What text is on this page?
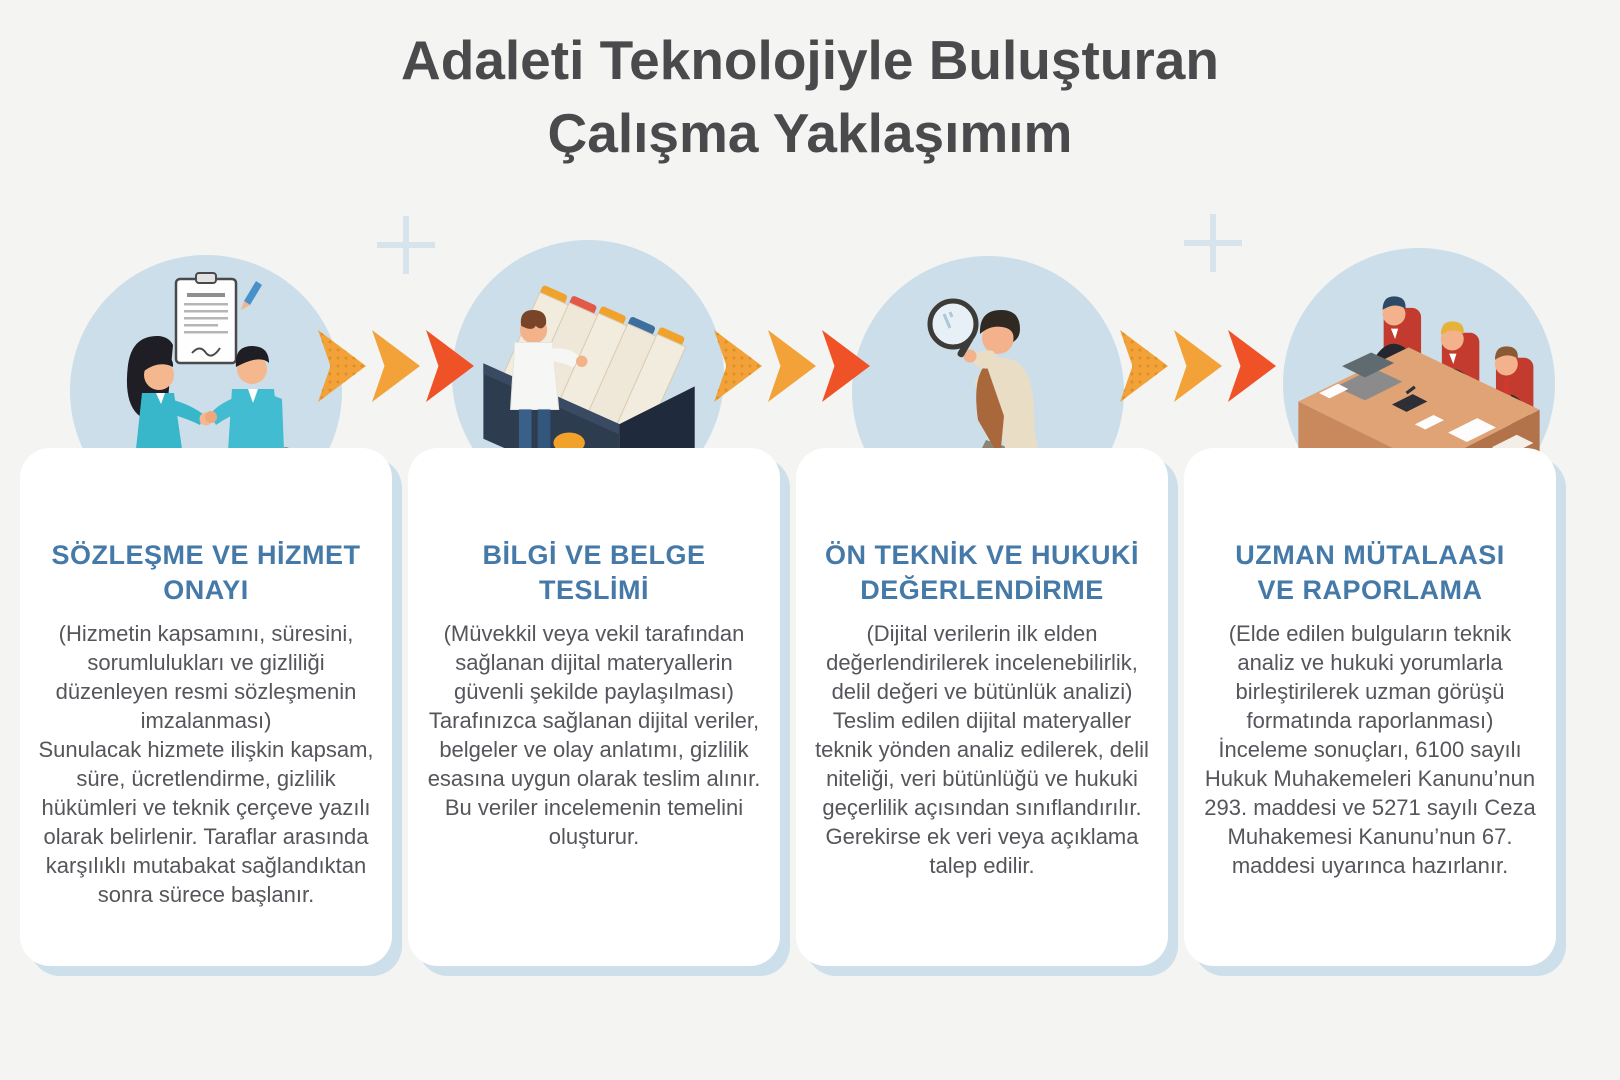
Adaleti Teknolojiyle Buluşturan
Çalışma Yaklaşımım
SÖZLEŞME VE HİZMET ONAYI

(Hizmetin kapsamını, süresini, sorumlulukları ve gizliliği düzenleyen resmi sözleşmenin imzalanması)

Sunulacak hizmete ilişkin kapsam, süre, ücretlendirme, gizlilik hükümleri ve teknik çerçeve yazılı olarak belirlenir. Taraflar arasında karşılıklı mutabakat sağlandıktan sonra sürece başlanır.

BİLGİ VE BELGE TESLİMİ

(Müvekkil veya vekil tarafından sağlanan dijital materyallerin güvenli şekilde paylaşılması)

Tarafınızca sağlanan dijital veriler, belgeler ve olay anlatımı, gizlilik esasına uygun olarak teslim alınır. Bu veriler incelemenin temelini oluşturur.

ÖN TEKNİK VE HUKUKİ DEĞERLENDİRME

(Dijital verilerin ilk elden değerlendirilerek incelenebilirlik, delil değeri ve bütünlük analizi)

Teslim edilen dijital materyaller teknik yönden analiz edilerek, delil niteliği, veri bütünlüğü ve hukuki geçerlilik açısından sınıflandırılır. Gerekirse ek veri veya açıklama talep edilir.

UZMAN MÜTALAASI VE RAPORLAMA

(Elde edilen bulguların teknik analiz ve hukuki yorumlarla birleştirilerek uzman görüşü formatında raporlanması)

İnceleme sonuçları, 6100 sayılı Hukuk Muhakemeleri Kanunu’nun 293. maddesi ve 5271 sayılı Ceza Muhakemesi Kanunu’nun 67. maddesi uyarınca hazırlanır.
